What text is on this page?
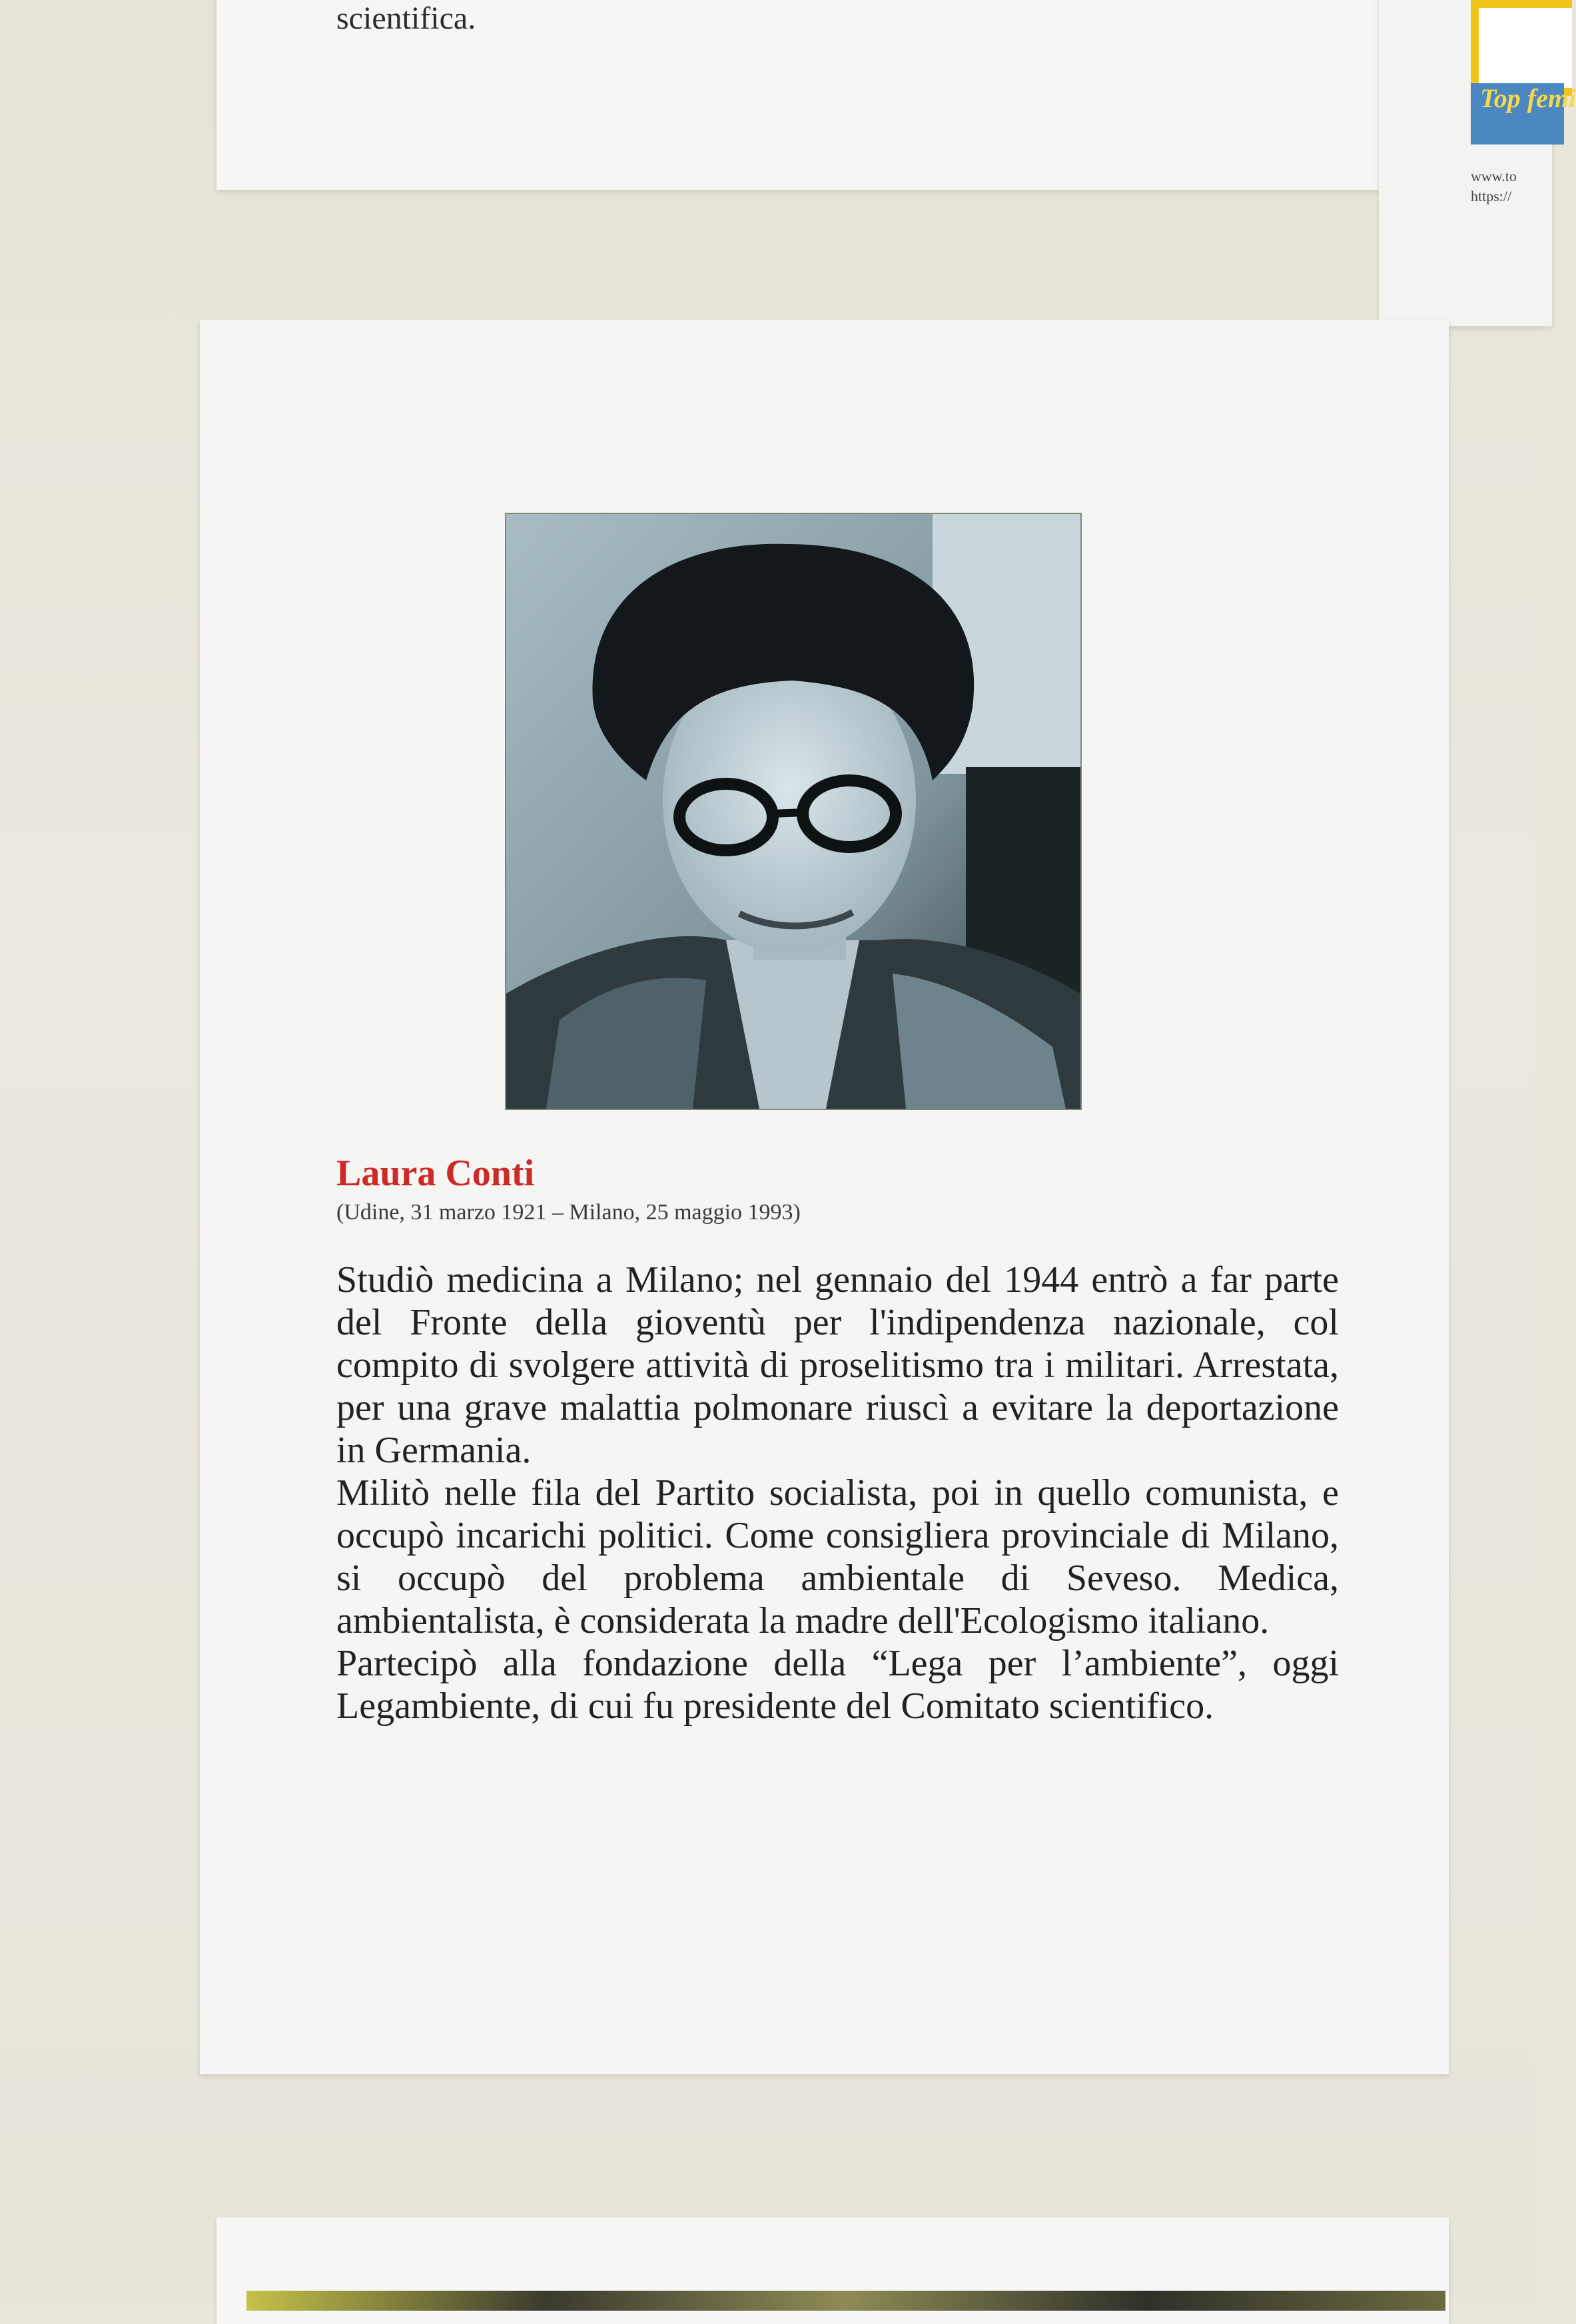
scientifica.
Top femi
www.to
https://
Laura Conti
(Udine, 31 marzo 1921 – Milano, 25 maggio 1993)

Studiò medicina a Milano; nel gennaio del 1944 entrò a far parte del Fronte della gioventù per l'indipendenza nazionale, col compito di svolgere attività di proselitismo tra i militari. Arrestata, per una grave malattia polmonare riuscì a evitare la deportazione in Germania.

Militò nelle fila del Partito socialista, poi in quello comunista, e occupò incarichi politici. Come consigliera provinciale di Milano, si occupò del problema ambientale di Seveso. Medica, ambientalista, è considerata la madre dell'Ecologismo italiano.

Partecipò alla fondazione della “Lega per l’ambiente”, oggi Legambiente, di cui fu presidente del Comitato scientifico.
